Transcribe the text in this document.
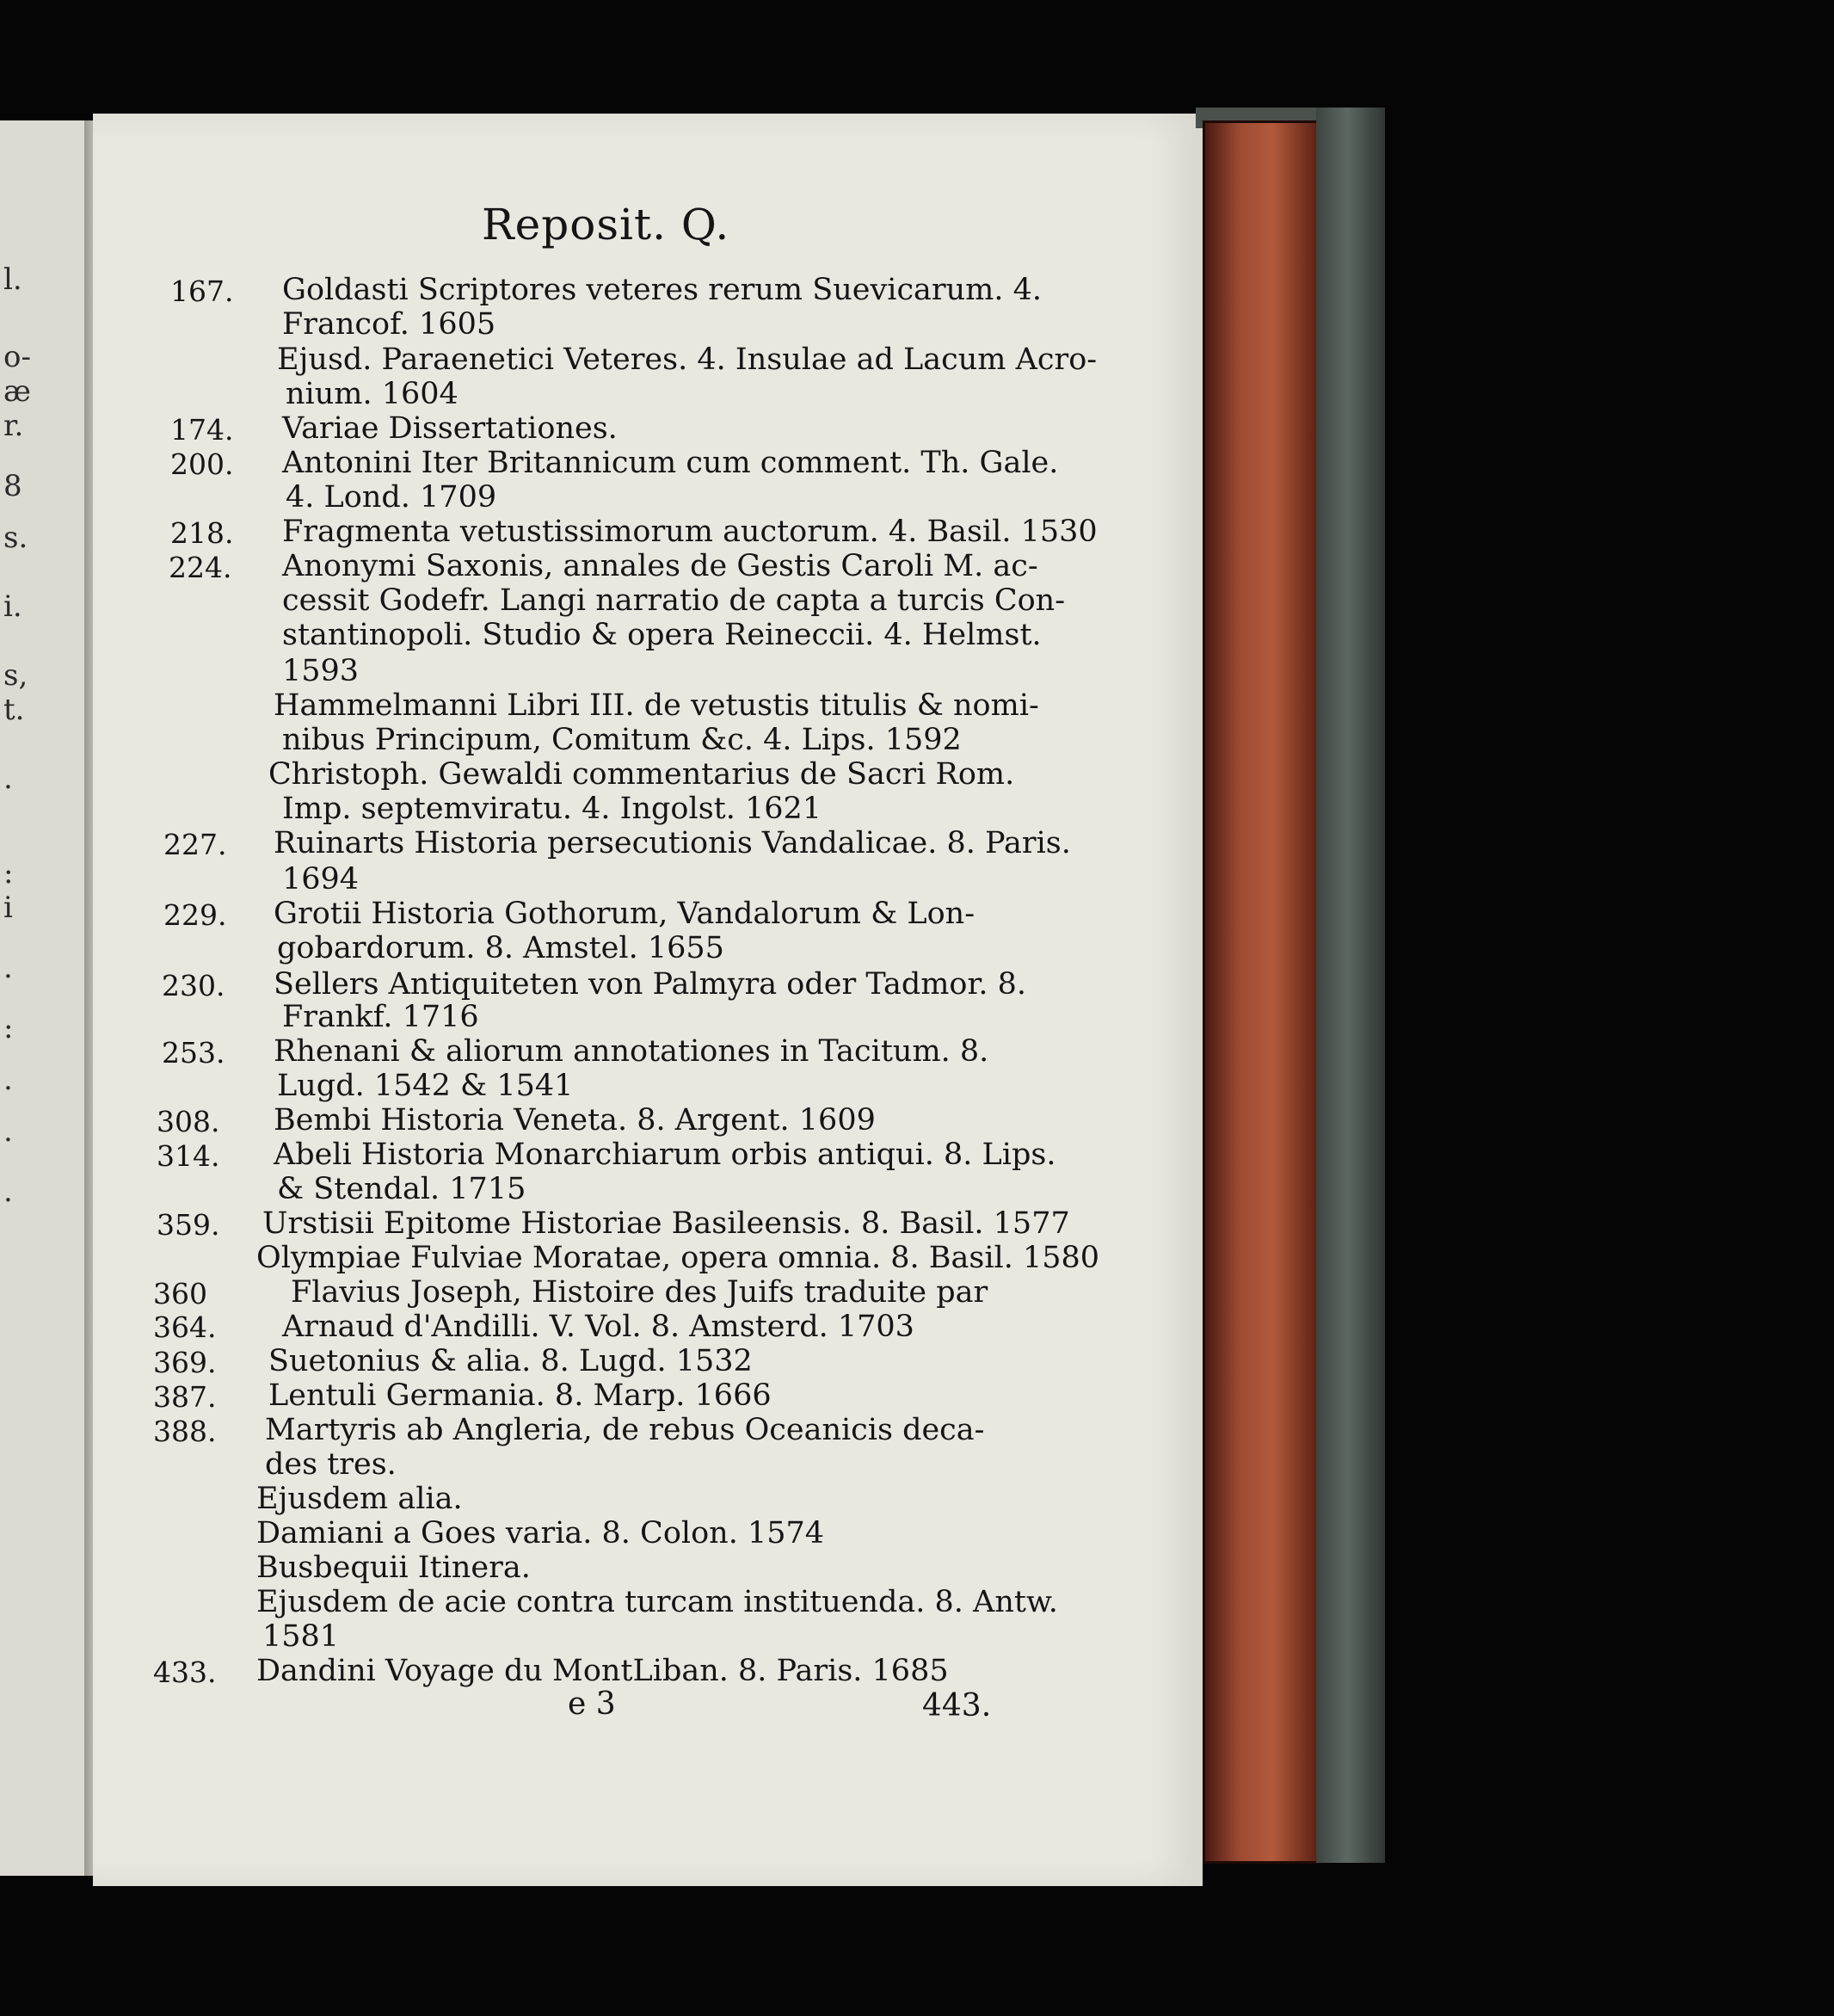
l.
o-
æ
r.
8
s.
i.
s,
t.
.
:
i
.
:
.
.
.
Reposit. Q.
167. Goldasti Scriptores veteres rerum Suevicarum. 4.
Francof. 1605
Ejusd. Paraenetici Veteres. 4. Insulae ad Lacum Acro-
nium. 1604
174. Variae Dissertationes.
200. Antonini Iter Britannicum cum comment. Th. Gale.
4. Lond. 1709
218. Fragmenta vetustissimorum auctorum. 4. Basil. 1530
224. Anonymi Saxonis, annales de Gestis Caroli M. ac-
cessit Godefr. Langi narratio de capta a turcis Con-
stantinopoli. Studio & opera Reineccii. 4. Helmst.
1593
Hammelmanni Libri III. de vetustis titulis & nomi-
nibus Principum, Comitum &c. 4. Lips. 1592
Christoph. Gewaldi commentarius de Sacri Rom.
Imp. septemviratu. 4. Ingolst. 1621
227. Ruinarts Historia persecutionis Vandalicae. 8. Paris.
1694
229. Grotii Historia Gothorum, Vandalorum & Lon-
gobardorum. 8. Amstel. 1655
230. Sellers Antiquiteten von Palmyra oder Tadmor. 8.
Frankf. 1716
253. Rhenani & aliorum annotationes in Tacitum. 8.
Lugd. 1542 & 1541
308. Bembi Historia Veneta. 8. Argent. 1609
314. Abeli Historia Monarchiarum orbis antiqui. 8. Lips.
& Stendal. 1715
359. Urstisii Epitome Historiae Basileensis. 8. Basil. 1577
Olympiae Fulviae Moratae, opera omnia. 8. Basil. 1580
360 364.
Flavius Joseph, Histoire des Juifs traduite par
Arnaud d'Andilli. V. Vol. 8. Amsterd. 1703
369. Suetonius & alia. 8. Lugd. 1532
387. Lentuli Germania. 8. Marp. 1666
388. Martyris ab Angleria, de rebus Oceanicis deca-
des tres.
Ejusdem alia.
Damiani a Goes varia. 8. Colon. 1574
Busbequii Itinera.
Ejusdem de acie contra turcam instituenda. 8. Antw.
1581
433. Dandini Voyage du MontLiban. 8. Paris. 1685
e 3	443.
